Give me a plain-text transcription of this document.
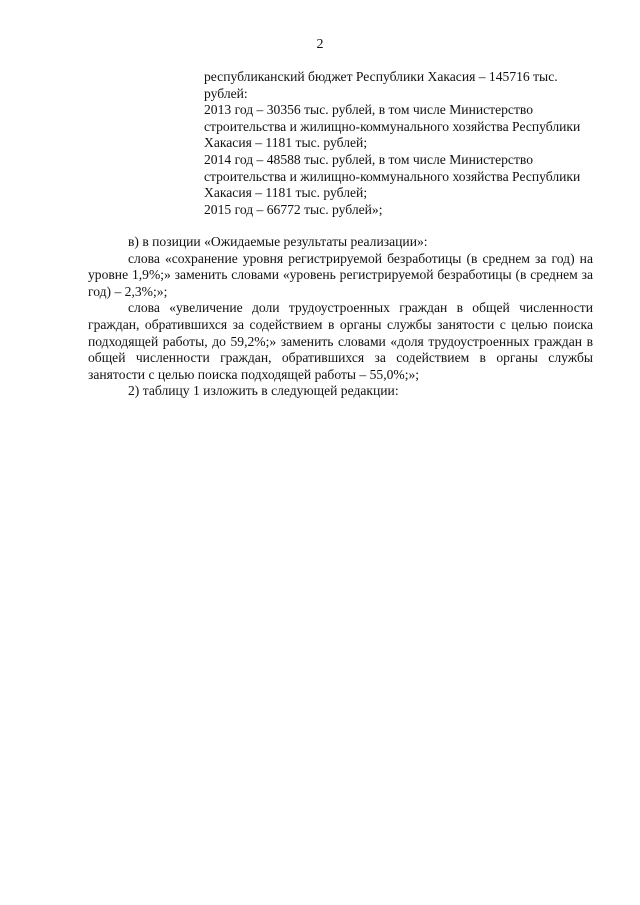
2
республиканский бюджет Республики Хакасия – 145716 тыс.
рублей:
2013 год – 30356 тыс. рублей, в том числе Министерство
строительства и жилищно-коммунального хозяйства Республики
Хакасия – 1181 тыс. рублей;
2014 год – 48588 тыс. рублей, в том числе Министерство
строительства и жилищно-коммунального хозяйства Республики
Хакасия – 1181 тыс. рублей;
2015 год – 66772 тыс. рублей»;

в) в позиции «Ожидаемые результаты реализации»:

слова «сохранение уровня регистрируемой безработицы (в среднем за год) на уровне 1,9%;» заменить словами «уровень регистрируемой безработицы (в среднем за год) – 2,3%;»;

слова «увеличение доли трудоустроенных граждан в общей численности граждан, обратившихся за содействием в органы службы занятости с целью поиска подходящей работы, до 59,2%;» заменить словами «доля трудоустроенных граждан в общей численности граждан, обратившихся за содействием в органы службы занятости с целью поиска подходящей работы – 55,0%;»;

2) таблицу 1 изложить в следующей редакции:
